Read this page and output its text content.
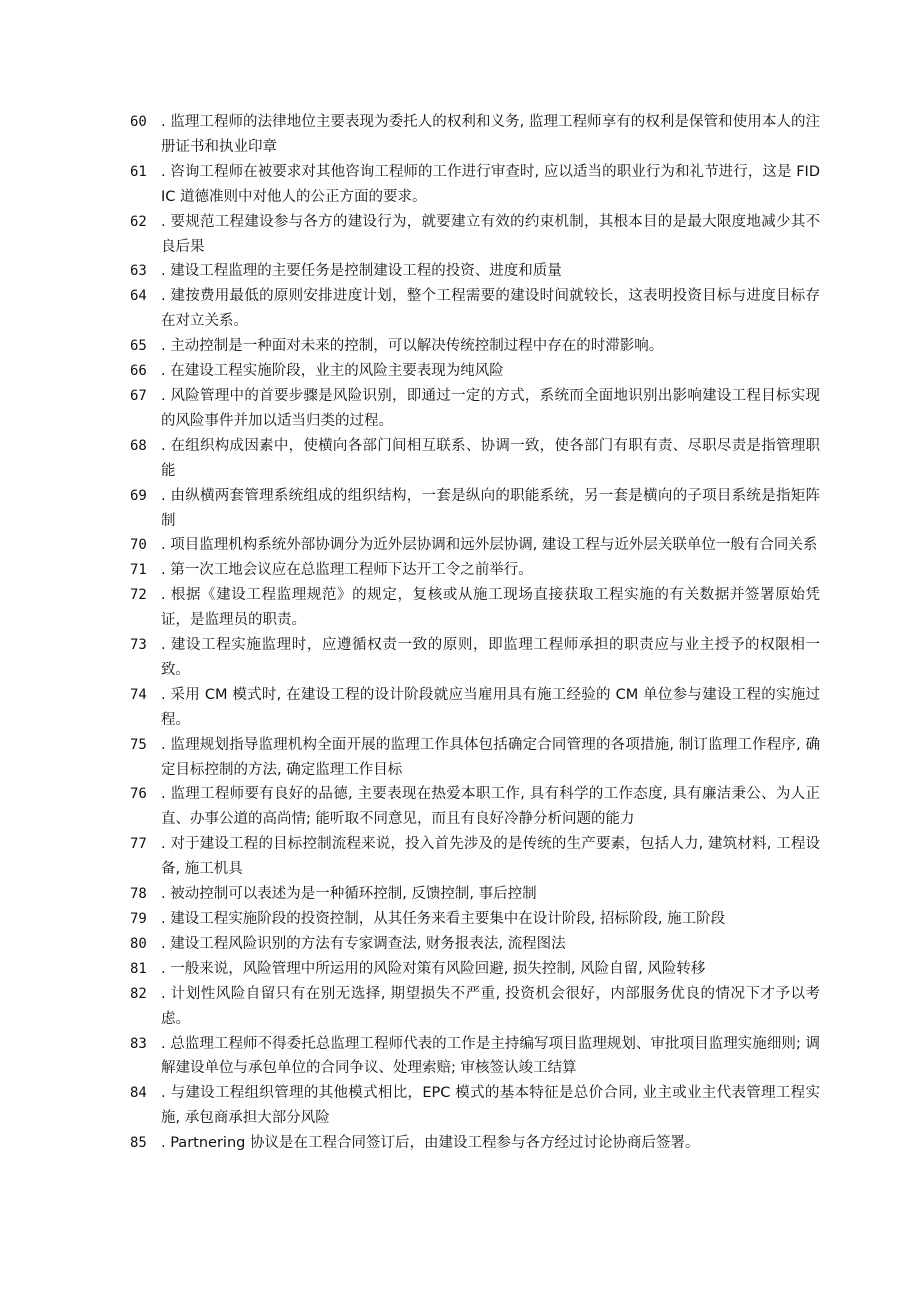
60 . 监理工程师的法律地位主要表现为委托人的权利和义务, 监理工程师享有的权利是保管和使用本人的注册证书和执业印章
61 . 咨询工程师在被要求对其他咨询工程师的工作进行审查时, 应以适当的职业行为和礼节进行，这是 FIDIC 道德准则中对他人的公正方面的要求。
62 . 要规范工程建设参与各方的建设行为，就要建立有效的约束机制，其根本目的是最大限度地减少其不良后果
63 . 建设工程监理的主要任务是控制建设工程的投资、进度和质量
64 . 建按费用最低的原则安排进度计划，整个工程需要的建设时间就较长，这表明投资目标与进度目标存在对立关系。
65 . 主动控制是一种面对未来的控制，可以解决传统控制过程中存在的时滞影响。
66 . 在建设工程实施阶段，业主的风险主要表现为纯风险
67 . 风险管理中的首要步骤是风险识别，即通过一定的方式，系统而全面地识别出影响建设工程目标实现的风险事件并加以适当归类的过程。
68 . 在组织构成因素中，使横向各部门间相互联系、协调一致，使各部门有职有责、尽职尽责是指管理职能
69 . 由纵横两套管理系统组成的组织结构，一套是纵向的职能系统，另一套是横向的子项目系统是指矩阵制
70 . 项目监理机构系统外部协调分为近外层协调和远外层协调, 建设工程与近外层关联单位一般有合同关系
71 . 第一次工地会议应在总监理工程师下达开工令之前举行。
72 . 根据《建设工程监理规范》的规定，复核或从施工现场直接获取工程实施的有关数据并签署原始凭证，是监理员的职责。
73 . 建设工程实施监理时，应遵循权责一致的原则，即监理工程师承担的职责应与业主授予的权限相一致。
74 . 采用 CM 模式时, 在建设工程的设计阶段就应当雇用具有施工经验的 CM 单位参与建设工程的实施过程。
75 . 监理规划指导监理机构全面开展的监理工作具体包括确定合同管理的各项措施, 制订监理工作程序, 确定目标控制的方法, 确定监理工作目标
76 . 监理工程师要有良好的品德, 主要表现在热爱本职工作, 具有科学的工作态度, 具有廉洁秉公、为人正直、办事公道的高尚情; 能听取不同意见，而且有良好冷静分析问题的能力
77 . 对于建设工程的目标控制流程来说，投入首先涉及的是传统的生产要素，包括人力, 建筑材料, 工程设备, 施工机具
78 . 被动控制可以表述为是一种循环控制, 反馈控制, 事后控制
79 . 建设工程实施阶段的投资控制，从其任务来看主要集中在设计阶段, 招标阶段, 施工阶段
80 . 建设工程风险识别的方法有专家调查法, 财务报表法, 流程图法
81 . 一般来说，风险管理中所运用的风险对策有风险回避, 损失控制, 风险自留, 风险转移
82 . 计划性风险自留只有在别无选择, 期望损失不严重, 投资机会很好，内部服务优良的情况下才予以考虑。
83 . 总监理工程师不得委托总监理工程师代表的工作是主持编写项目监理规划、审批项目监理实施细则; 调解建设单位与承包单位的合同争议、处理索赔; 审核签认竣工结算
84 . 与建设工程组织管理的其他模式相比，EPC 模式的基本特征是总价合同, 业主或业主代表管理工程实施, 承包商承担大部分风险
85 . Partnering 协议是在工程合同签订后，由建设工程参与各方经过讨论协商后签署。
